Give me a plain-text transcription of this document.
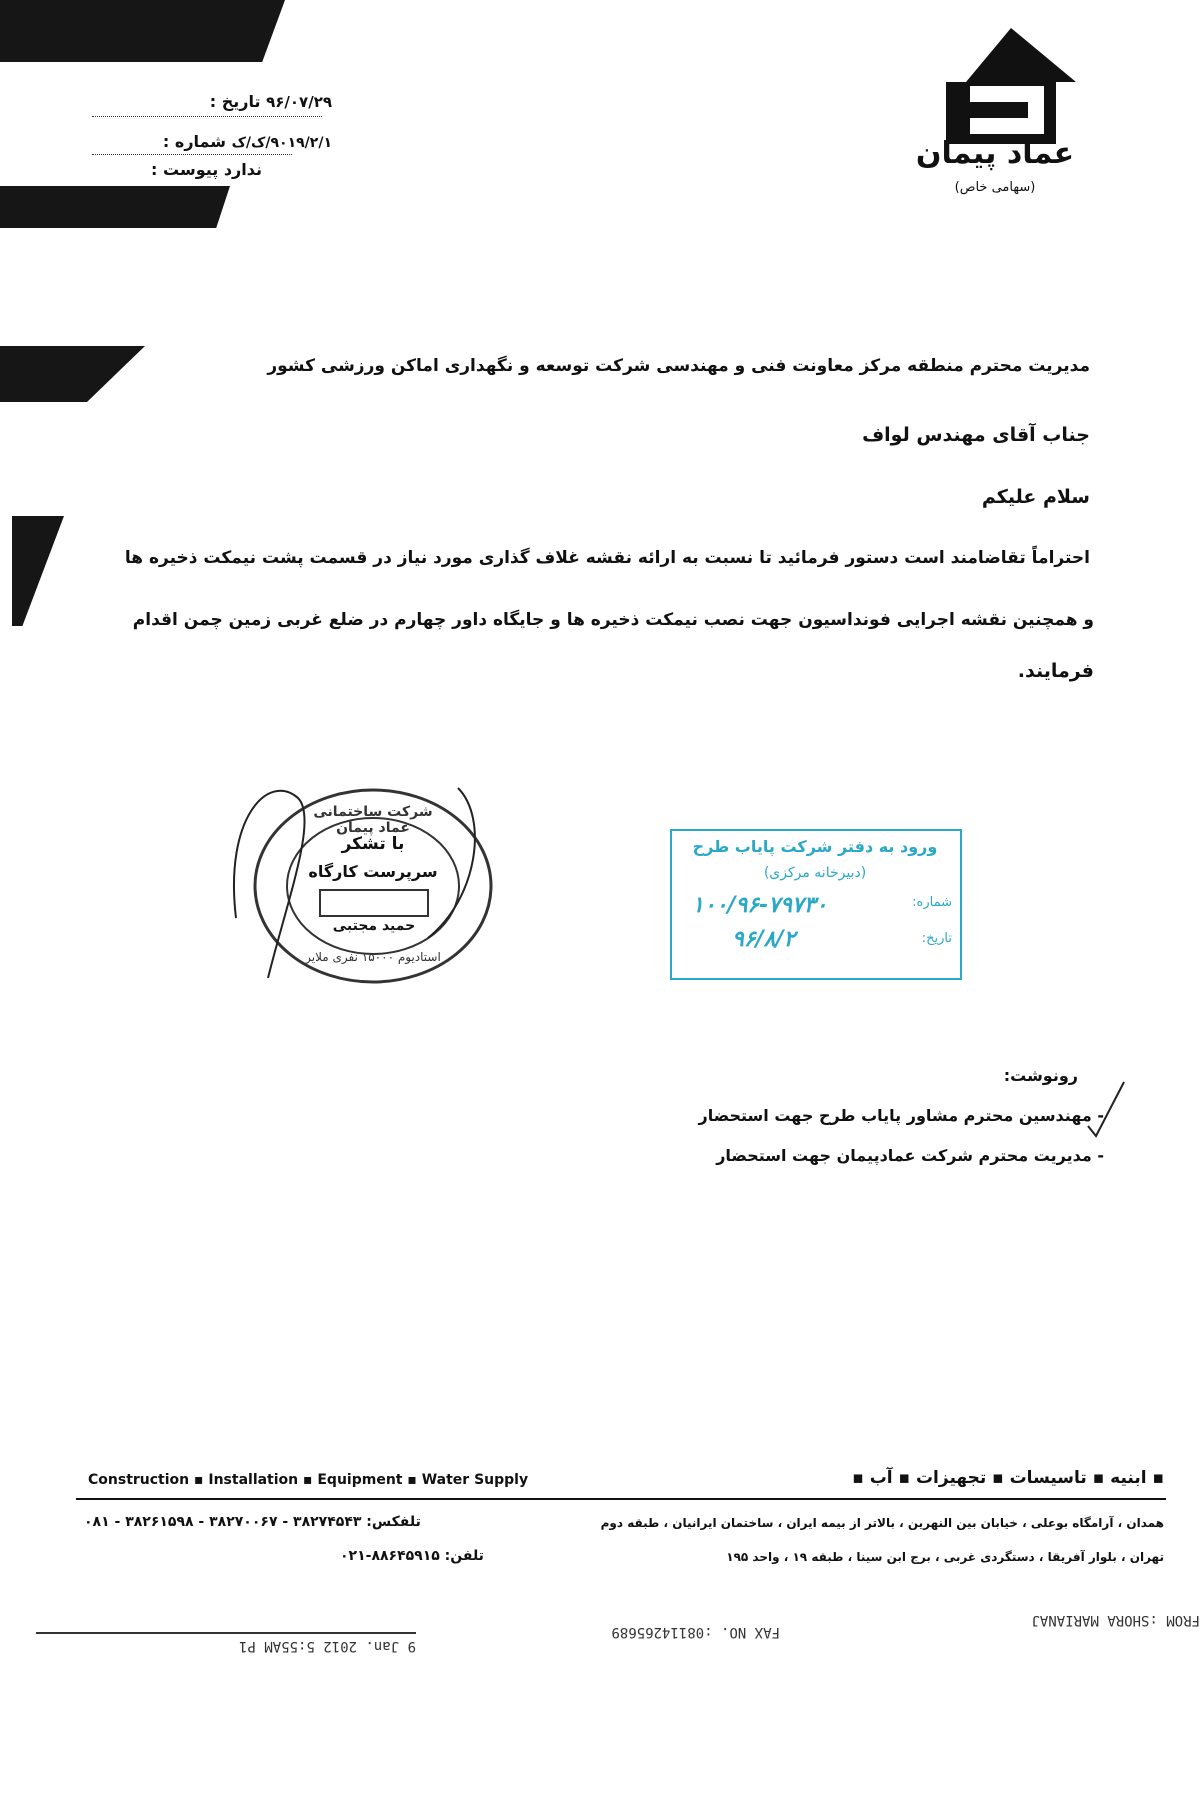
۹۶/۰۷/۲۹ تاریخ :
۹۰۱۹/۲/۱/ک/ک شماره :
ندارد پیوست :	عماد پیمان
(سهامی خاص)
مدیریت محترم منطقه مرکز معاونت فنی و مهندسی شرکت توسعه و نگهداری اماکن ورزشی کشور
جناب آقای مهندس لواف
سلام علیکم
احتراماً تقاضامند است دستور فرمائید تا نسبت به ارائه نقشه غلاف گذاری مورد نیاز در قسمت پشت نیمکت ذخیره ها
و همچنین نقشه اجرایی فونداسیون جهت نصب نیمکت ذخیره ها و جایگاه داور چهارم در ضلع غربی زمین چمن اقدام
فرمایند.
شرکت ساختمانی عماد پیمان
با تشکر
سرپرست کارگاه
حمید مجتبی
استادیوم ۱۵۰۰۰ نفری ملایر
ورود به دفتر شرکت پایاب طرح
(دبیرخانه مرکزی)
شماره:
۱۰۰/۹۶-۷۹۷۳۰
تاریخ:
۹۶/۸/۲
رونوشت:
- مهندسین محترم مشاور پایاب طرح جهت استحضار
- مدیریت محترم شرکت عمادپیمان جهت استحضار
Construction ▪ Installation ▪ Equipment ▪ Water Supply	▪ ابنیه ▪ تاسیسات ▪ تجهیزات ▪ آب ▪
همدان ، آرامگاه بوعلی ، خیابان بین النهرین ، بالاتر از بیمه ایران ، ساختمان ایرانیان ، طبقه دوم
تلفکس: ۳۸۲۷۴۵۴۳ - ۳۸۲۷۰۰۶۷ - ۳۸۲۶۱۵۹۸ - ۰۸۱
تهران ، بلوار آفریقا ، دستگردی غربی ، برج ابن سینا ، طبقه ۱۹ ، واحد ۱۹۵
تلفن: ۸۸۶۴۵۹۱۵-۰۲۱
FROM :SHORA MARIANAJ
FAX NO. :08114265689
9 Jan. 2012 5:55AM P1
